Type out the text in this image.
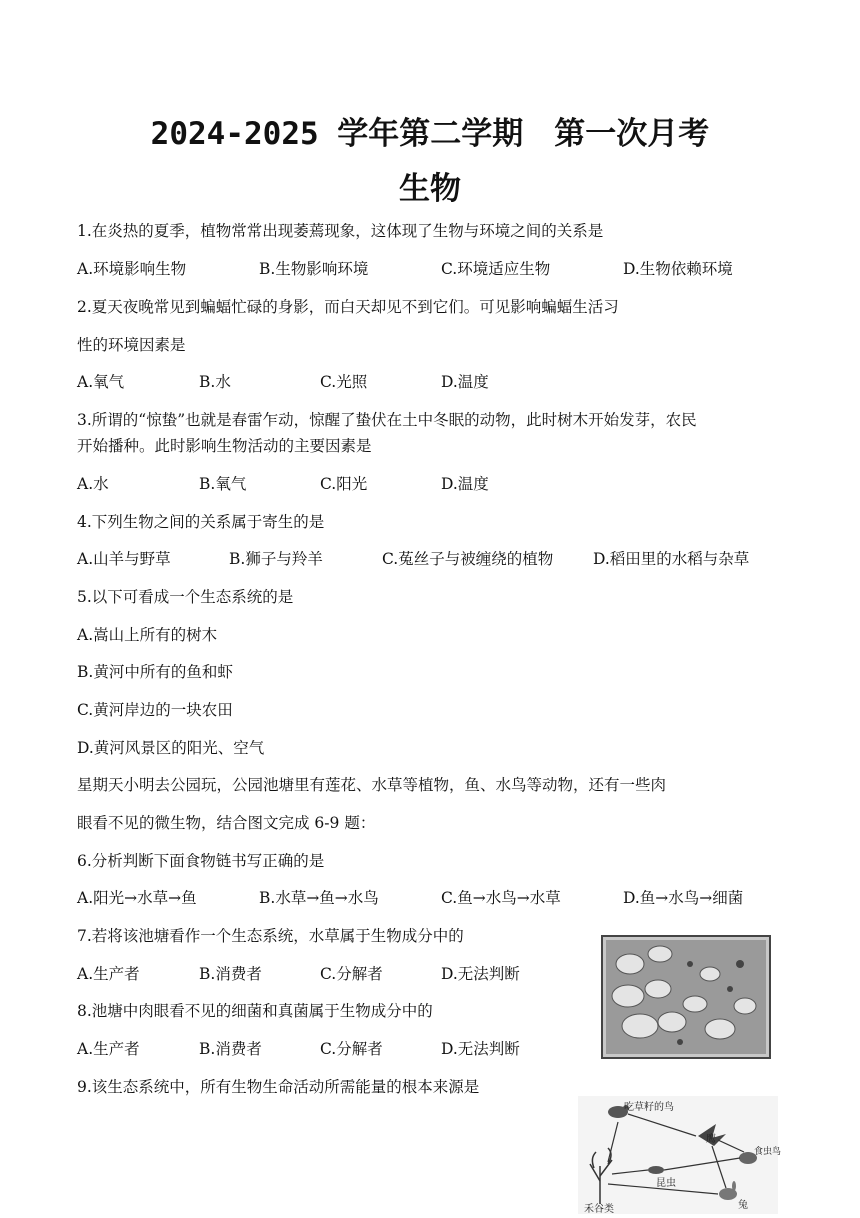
2024-2025 学年第二学期　第一次月考
生物
1.在炎热的夏季，植物常常出现萎蔫现象，这体现了生物与环境之间的关系是
A.环境影响生物	B.生物影响环境	C.环境适应生物	D.生物依赖环境
2.夏天夜晚常见到蝙蝠忙碌的身影，而白天却见不到它们。可见影响蝙蝠生活习
性的环境因素是
A.氧气	B.水	C.光照	D.温度
3.所谓的“惊蛰”也就是春雷乍动，惊醒了蛰伏在土中冬眠的动物，此时树木开始发芽，农民
开始播种。此时影响生物活动的主要因素是
A.水	B.氧气	C.阳光	D.温度
4.下列生物之间的关系属于寄生的是
A.山羊与野草	B.狮子与羚羊	C.菟丝子与被缠绕的植物	D.稻田里的水稻与杂草
5.以下可看成一个生态系统的是
A.嵩山上所有的树木
B.黄河中所有的鱼和虾
C.黄河岸边的一块农田
D.黄河风景区的阳光、空气
星期天小明去公园玩，公园池塘里有莲花、水草等植物，鱼、水鸟等动物，还有一些肉
眼看不见的微生物，结合图文完成 6-9 题：
6.分析判断下面食物链书写正确的是
A.阳光→水草→鱼	B.水草→鱼→水鸟	C.鱼→水鸟→水草	D.鱼→水鸟→细菌
7.若将该池塘看作一个生态系统，水草属于生物成分中的
A.生产者	B.消费者	C.分解者	D.无法判断
8.池塘中肉眼看不见的细菌和真菌属于生物成分中的
A.生产者	B.消费者	C.分解者	D.无法判断
9.该生态系统中，所有生物生命活动所需能量的根本来源是
吃草籽的鸟
鹰
昆虫
食虫鸟
禾谷类	兔
